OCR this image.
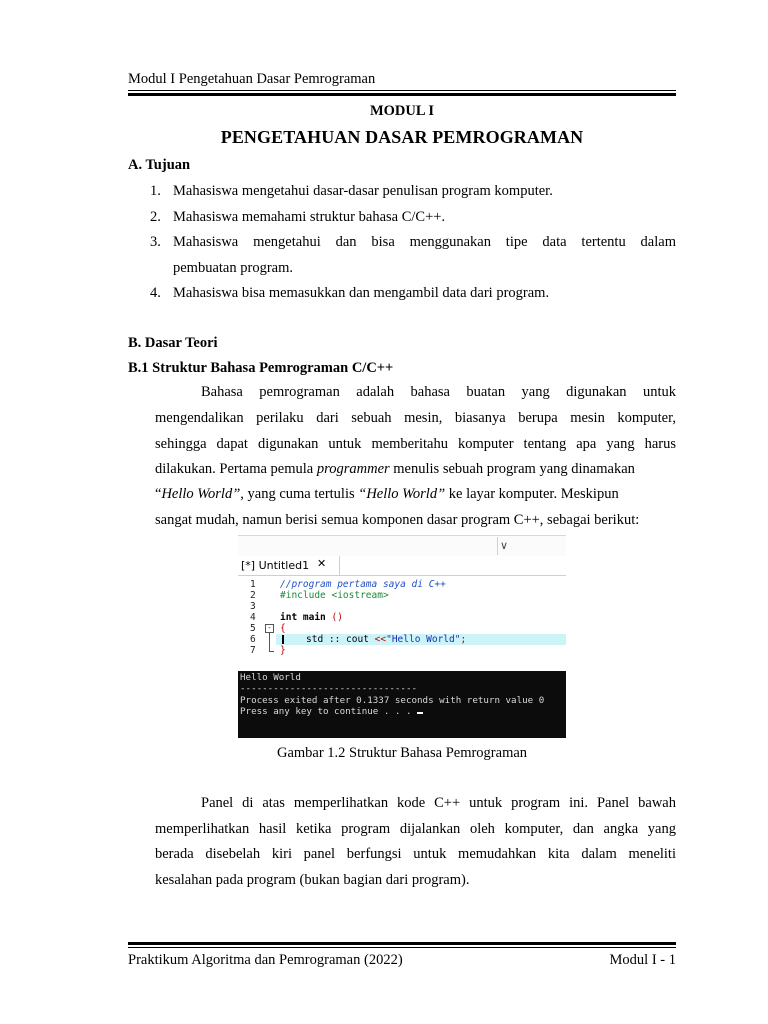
Modul I Pengetahuan Dasar Pemrograman
MODUL I
PENGETAHUAN DASAR PEMROGRAMAN
A. Tujuan
1. Mahasiswa mengetahui dasar-dasar penulisan program komputer.
2. Mahasiswa memahami struktur bahasa C/C++.
3. Mahasiswa mengetahui dan bisa menggunakan tipe data tertentu dalam
pembuatan program.
4. Mahasiswa bisa memasukkan dan mengambil data dari program.
B. Dasar Teori
B.1 Struktur Bahasa Pemrograman C/C++
Bahasa pemrograman adalah bahasa buatan yang digunakan untuk
mengendalikan perilaku dari sebuah mesin, biasanya berupa mesin komputer,
sehingga dapat digunakan untuk memberitahu komputer tentang apa yang harus
dilakukan. Pertama pemula programmer menulis sebuah program yang dinamakan
“Hello World”, yang cuma tertulis “Hello World” ke layar komputer. Meskipun
sangat mudah, namun berisi semua komponen dasar program C++, sebagai berikut:
∨
[*] Untitled1 ✕
1	//program pertama saya di C++
2	#include <iostream>
3
4	int main ()
5	{
6	std :: cout <<"Hello World";
7	}
-
Hello World
--------------------------------
Process exited after 0.1337 seconds with return value 0
Press any key to continue . . .
Gambar 1.2 Struktur Bahasa Pemrograman
Panel di atas memperlihatkan kode C++ untuk program ini. Panel bawah
memperlihatkan hasil ketika program dijalankan oleh komputer, dan angka yang
berada disebelah kiri panel berfungsi untuk memudahkan kita dalam meneliti
kesalahan pada program (bukan bagian dari program).
Praktikum Algoritma dan Pemrograman (2022)	Modul I - 1
